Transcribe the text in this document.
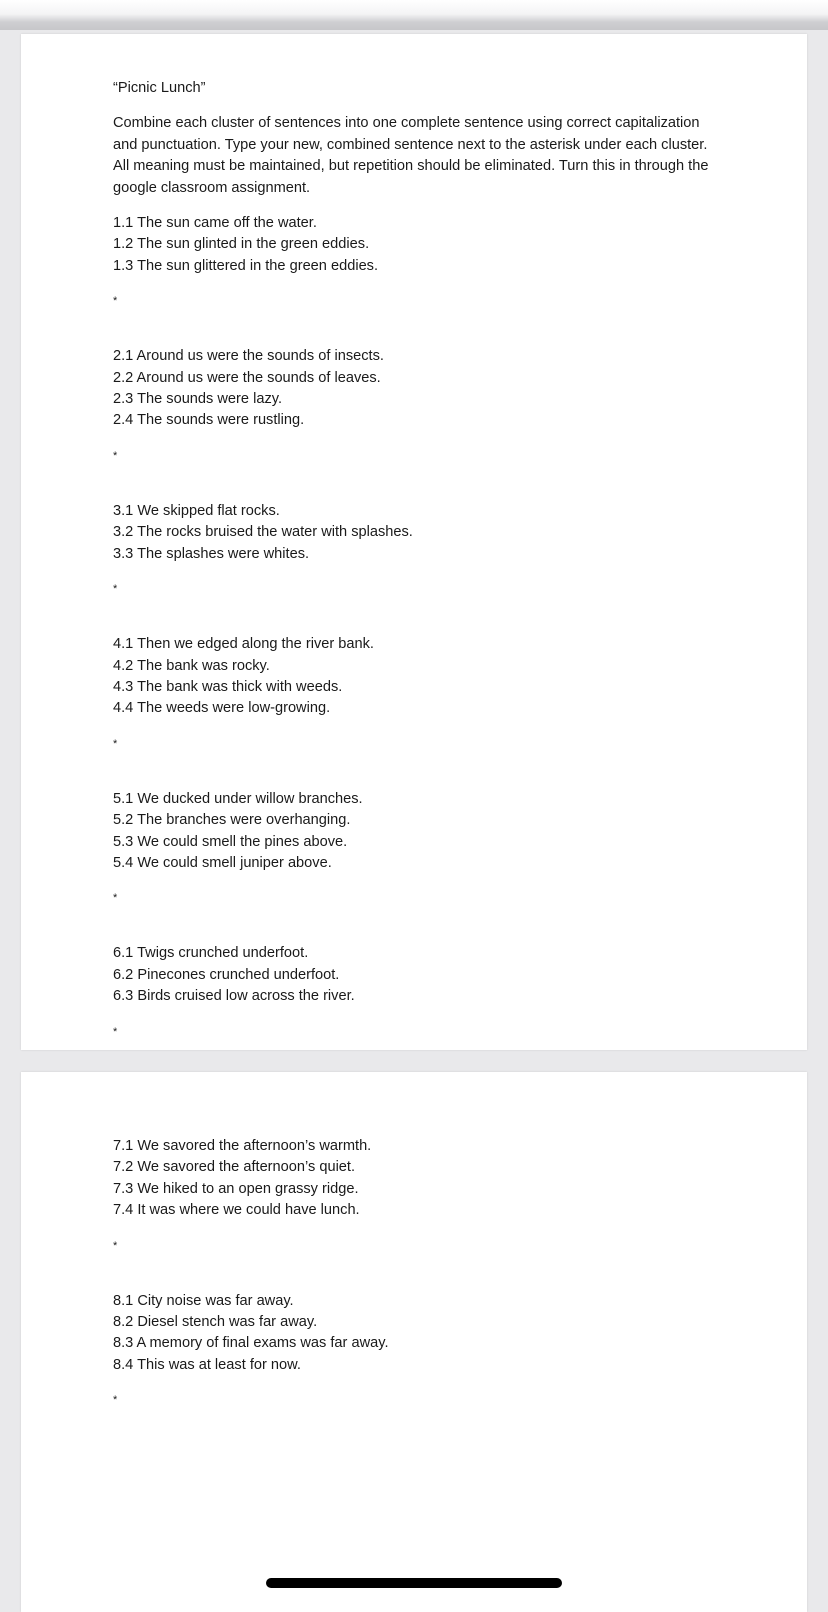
“Picnic Lunch”

Combine each cluster of sentences into one complete sentence using correct capitalization and punctuation. Type your new, combined sentence next to the asterisk under each cluster. All meaning must be maintained, but repetition should be eliminated. Turn this in through the google classroom assignment.

1.1 The sun came off the water.
1.2 The sun glinted in the green eddies.
1.3 The sun glittered in the green eddies.
*
2.1 Around us were the sounds of insects.
2.2 Around us were the sounds of leaves.
2.3 The sounds were lazy.
2.4 The sounds were rustling.
*
3.1 We skipped flat rocks.
3.2 The rocks bruised the water with splashes.
3.3 The splashes were whites.
*
4.1 Then we edged along the river bank.
4.2 The bank was rocky.
4.3 The bank was thick with weeds.
4.4 The weeds were low-growing.
*
5.1 We ducked under willow branches.
5.2 The branches were overhanging.
5.3 We could smell the pines above.
5.4 We could smell juniper above.
*
6.1 Twigs crunched underfoot.
6.2 Pinecones crunched underfoot.
6.3 Birds cruised low across the river.
*
7.1 We savored the afternoon’s warmth.
7.2 We savored the afternoon’s quiet.
7.3 We hiked to an open grassy ridge.
7.4 It was where we could have lunch.
*
8.1 City noise was far away.
8.2 Diesel stench was far away.
8.3 A memory of final exams was far away.
8.4 This was at least for now.
*
